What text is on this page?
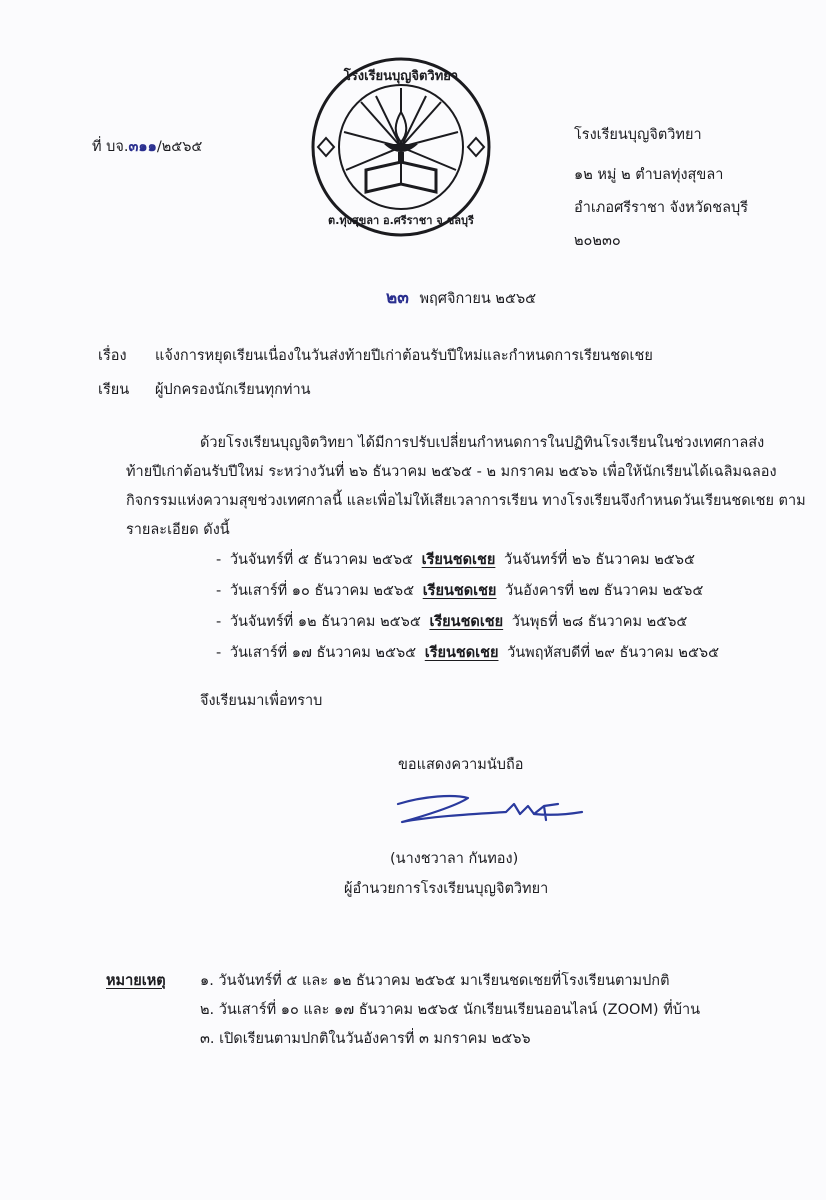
โรงเรียนบุญจิตวิทยา
ต.ทุ่งสุขลา อ.ศรีราชา จ.ชลบุรี
ที่ บจ.๓๑๑/๒๕๖๕
โรงเรียนบุญจิตวิทยา
๑๒ หมู่ ๒ ตำบลทุ่งสุขลา
อำเภอศรีราชา จังหวัดชลบุรี
๒๐๒๓๐
๒๓ พฤศจิกายน ๒๕๖๕
เรื่อง แจ้งการหยุดเรียนเนื่องในวันส่งท้ายปีเก่าต้อนรับปีใหม่และกำหนดการเรียนชดเชย
เรียน ผู้ปกครองนักเรียนทุกท่าน
ด้วยโรงเรียนบุญจิตวิทยา ได้มีการปรับเปลี่ยนกำหนดการในปฏิทินโรงเรียนในช่วงเทศกาลส่ง
ท้ายปีเก่าต้อนรับปีใหม่ ระหว่างวันที่ ๒๖ ธันวาคม ๒๕๖๕ - ๒ มกราคม ๒๕๖๖ เพื่อให้นักเรียนได้เฉลิมฉลอง
กิจกรรมแห่งความสุขช่วงเทศกาลนี้ และเพื่อไม่ให้เสียเวลาการเรียน ทางโรงเรียนจึงกำหนดวันเรียนชดเชย ตาม
รายละเอียด ดังนี้
- วันจันทร์ที่ ๕ ธันวาคม ๒๕๖๕ เรียนชดเชย วันจันทร์ที่ ๒๖ ธันวาคม ๒๕๖๕
- วันเสาร์ที่ ๑๐ ธันวาคม ๒๕๖๕ เรียนชดเชย วันอังคารที่ ๒๗ ธันวาคม ๒๕๖๕
- วันจันทร์ที่ ๑๒ ธันวาคม ๒๕๖๕ เรียนชดเชย วันพุธที่ ๒๘ ธันวาคม ๒๕๖๕
- วันเสาร์ที่ ๑๗ ธันวาคม ๒๕๖๕ เรียนชดเชย วันพฤหัสบดีที่ ๒๙ ธันวาคม ๒๕๖๕
จึงเรียนมาเพื่อทราบ
ขอแสดงความนับถือ
(นางชวาลา กันทอง)
ผู้อำนวยการโรงเรียนบุญจิตวิทยา
หมายเหตุ ๑. วันจันทร์ที่ ๕ และ ๑๒ ธันวาคม ๒๕๖๕ มาเรียนชดเชยที่โรงเรียนตามปกติ
๒. วันเสาร์ที่ ๑๐ และ ๑๗ ธันวาคม ๒๕๖๕ นักเรียนเรียนออนไลน์ (ZOOM) ที่บ้าน
๓. เปิดเรียนตามปกติในวันอังคารที่ ๓ มกราคม ๒๕๖๖
